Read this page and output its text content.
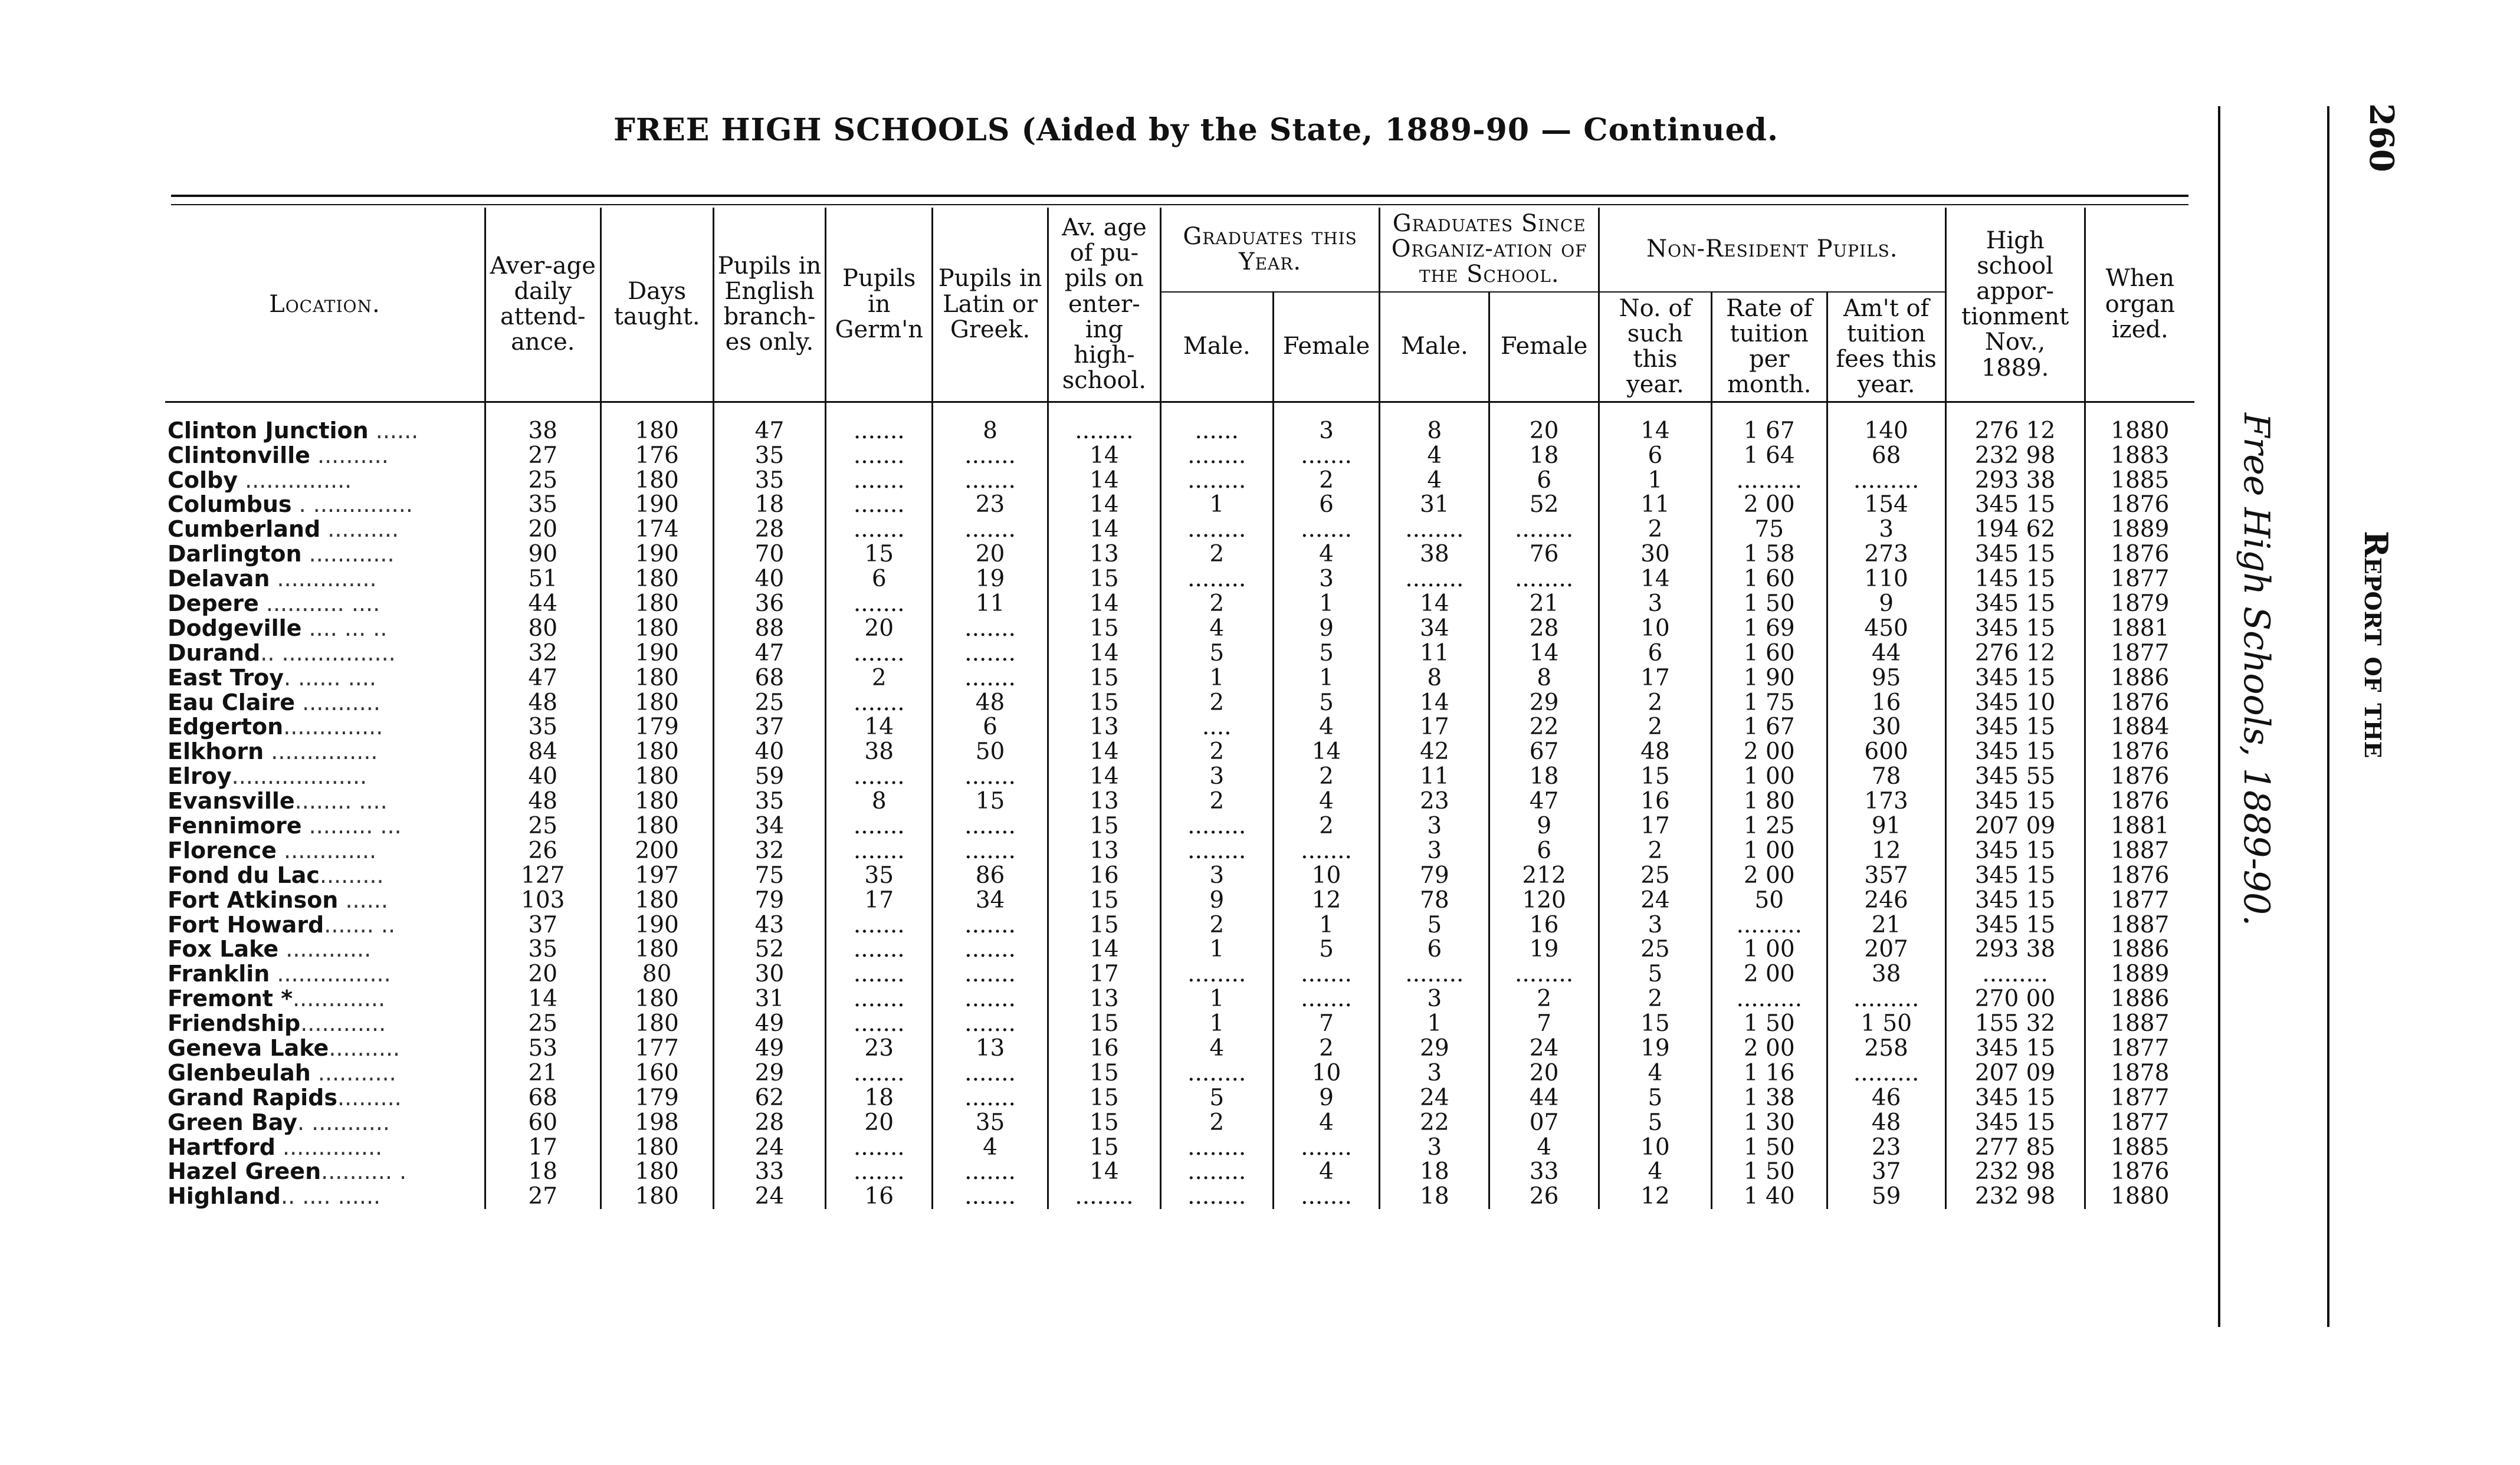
FREE HIGH SCHOOLS (Aided by the State, 1889-90 — Continued.
Location.	Aver-age daily attend-ance.	Days taught.	Pupils in English branch-es only.	Pupils in Germ'n	Pupils in Latin or Greek.	Av. age of pu-pils on enter-ing high-school.	Graduates this Year.		Graduates Since Organiz-ation of the School.		Non-Resident Pupils.			High school appor-tionment Nov., 1889.	When organ ized.
							Male.	Female	Male.	Female	No. of such this year.	Rate of tuition per month.	Am't of tuition fees this year.		
Clinton Junction ......	38	180	47	.......	8	........	......	3	8	20	14	1 67	140	276 12	1880
Clintonville ..........	27	176	35	.......	.......	14	........	.......	4	18	6	1 64	68	232 98	1883
Colby ...............	25	180	35	.......	.......	14	........	2	4	6	1	.........	.........	293 38	1885
Columbus . ..............	35	190	18	.......	23	14	1	6	31	52	11	2 00	154	345 15	1876
Cumberland ..........	20	174	28	.......	.......	14	........	.......	........	........	2	75	3	194 62	1889
Darlington ............	90	190	70	15	20	13	2	4	38	76	30	1 58	273	345 15	1876
Delavan ..............	51	180	40	6	19	15	........	3	........	........	14	1 60	110	145 15	1877
Depere ........... ....	44	180	36	.......	11	14	2	1	14	21	3	1 50	9	345 15	1879
Dodgeville .... ... ..	80	180	88	20	.......	15	4	9	34	28	10	1 69	450	345 15	1881
Durand.. ................	32	190	47	.......	.......	14	5	5	11	14	6	1 60	44	276 12	1877
East Troy. ...... ....	47	180	68	2	.......	15	1	1	8	8	17	1 90	95	345 15	1886
Eau Claire ...........	48	180	25	.......	48	15	2	5	14	29	2	1 75	16	345 10	1876
Edgerton..............	35	179	37	14	6	13	....	4	17	22	2	1 67	30	345 15	1884
Elkhorn ...............	84	180	40	38	50	14	2	14	42	67	48	2 00	600	345 15	1876
Elroy...................	40	180	59	.......	.......	14	3	2	11	18	15	1 00	78	345 55	1876
Evansville........ ....	48	180	35	8	15	13	2	4	23	47	16	1 80	173	345 15	1876
Fennimore ......... ...	25	180	34	.......	.......	15	........	2	3	9	17	1 25	91	207 09	1881
Florence .............	26	200	32	.......	.......	13	........	.......	3	6	2	1 00	12	345 15	1887
Fond du Lac.........	127	197	75	35	86	16	3	10	79	212	25	2 00	357	345 15	1876
Fort Atkinson ......	103	180	79	17	34	15	9	12	78	120	24	50	246	345 15	1877
Fort Howard....... ..	37	190	43	.......	.......	15	2	1	5	16	3	.........	21	345 15	1887
Fox Lake ............	35	180	52	.......	.......	14	1	5	6	19	25	1 00	207	293 38	1886
Franklin ................	20	80	30	.......	.......	17	........	.......	........	........	5	2 00	38	.........	1889
Fremont *.............	14	180	31	.......	.......	13	1	.......	3	2	2	.........	.........	270 00	1886
Friendship............	25	180	49	.......	.......	15	1	7	1	7	15	1 50	1 50	155 32	1887
Geneva Lake..........	53	177	49	23	13	16	4	2	29	24	19	2 00	258	345 15	1877
Glenbeulah ...........	21	160	29	.......	.......	15	........	10	3	20	4	1 16	.........	207 09	1878
Grand Rapids.........	68	179	62	18	.......	15	5	9	24	44	5	1 38	46	345 15	1877
Green Bay. ...........	60	198	28	20	35	15	2	4	22	07	5	1 30	48	345 15	1877
Hartford ..............	17	180	24	.......	4	15	........	.......	3	4	10	1 50	23	277 85	1885
Hazel Green.......... .	18	180	33	.......	.......	14	........	4	18	33	4	1 50	37	232 98	1876
Highland.. .... ......	27	180	24	16	.......	........	........	.......	18	26	12	1 40	59	232 98	1880
Free High Schools, 1889-90.	Report of the
260
